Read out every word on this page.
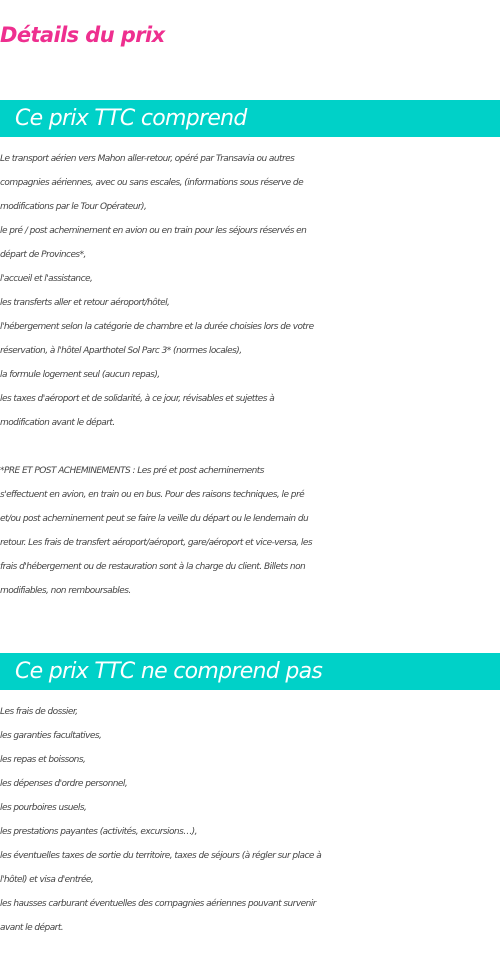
Détails du prix
Ce prix TTC comprend
Le transport aérien vers Mahon aller-retour, opéré par Transavia ou autres
compagnies aériennes, avec ou sans escales, (informations sous réserve de
modifications par le Tour Opérateur),
le pré / post acheminement en avion ou en train pour les séjours réservés en
départ de Provinces*,
l'accueil et l'assistance,
les transferts aller et retour aéroport/hôtel,
l'hébergement selon la catégorie de chambre et la durée choisies lors de votre
réservation, à l'hôtel Aparthotel Sol Parc 3* (normes locales),
la formule logement seul (aucun repas),
les taxes d'aéroport et de solidarité, à ce jour, révisables et sujettes à
modification avant le départ.
*PRE ET POST ACHEMINEMENTS : Les pré et post acheminements
s'effectuent en avion, en train ou en bus. Pour des raisons techniques, le pré
et/ou post acheminement peut se faire la veille du départ ou le lendemain du
retour. Les frais de transfert aéroport/aéroport, gare/aéroport et vice-versa, les
frais d'hébergement ou de restauration sont à la charge du client. Billets non
modifiables, non remboursables.
Ce prix TTC ne comprend pas
Les frais de dossier,
les garanties facultatives,
les repas et boissons,
les dépenses d'ordre personnel,
les pourboires usuels,
les prestations payantes (activités, excursions…),
les éventuelles taxes de sortie du territoire, taxes de séjours (à régler sur place à
l'hôtel) et visa d'entrée,
les hausses carburant éventuelles des compagnies aériennes pouvant survenir
avant le départ.
